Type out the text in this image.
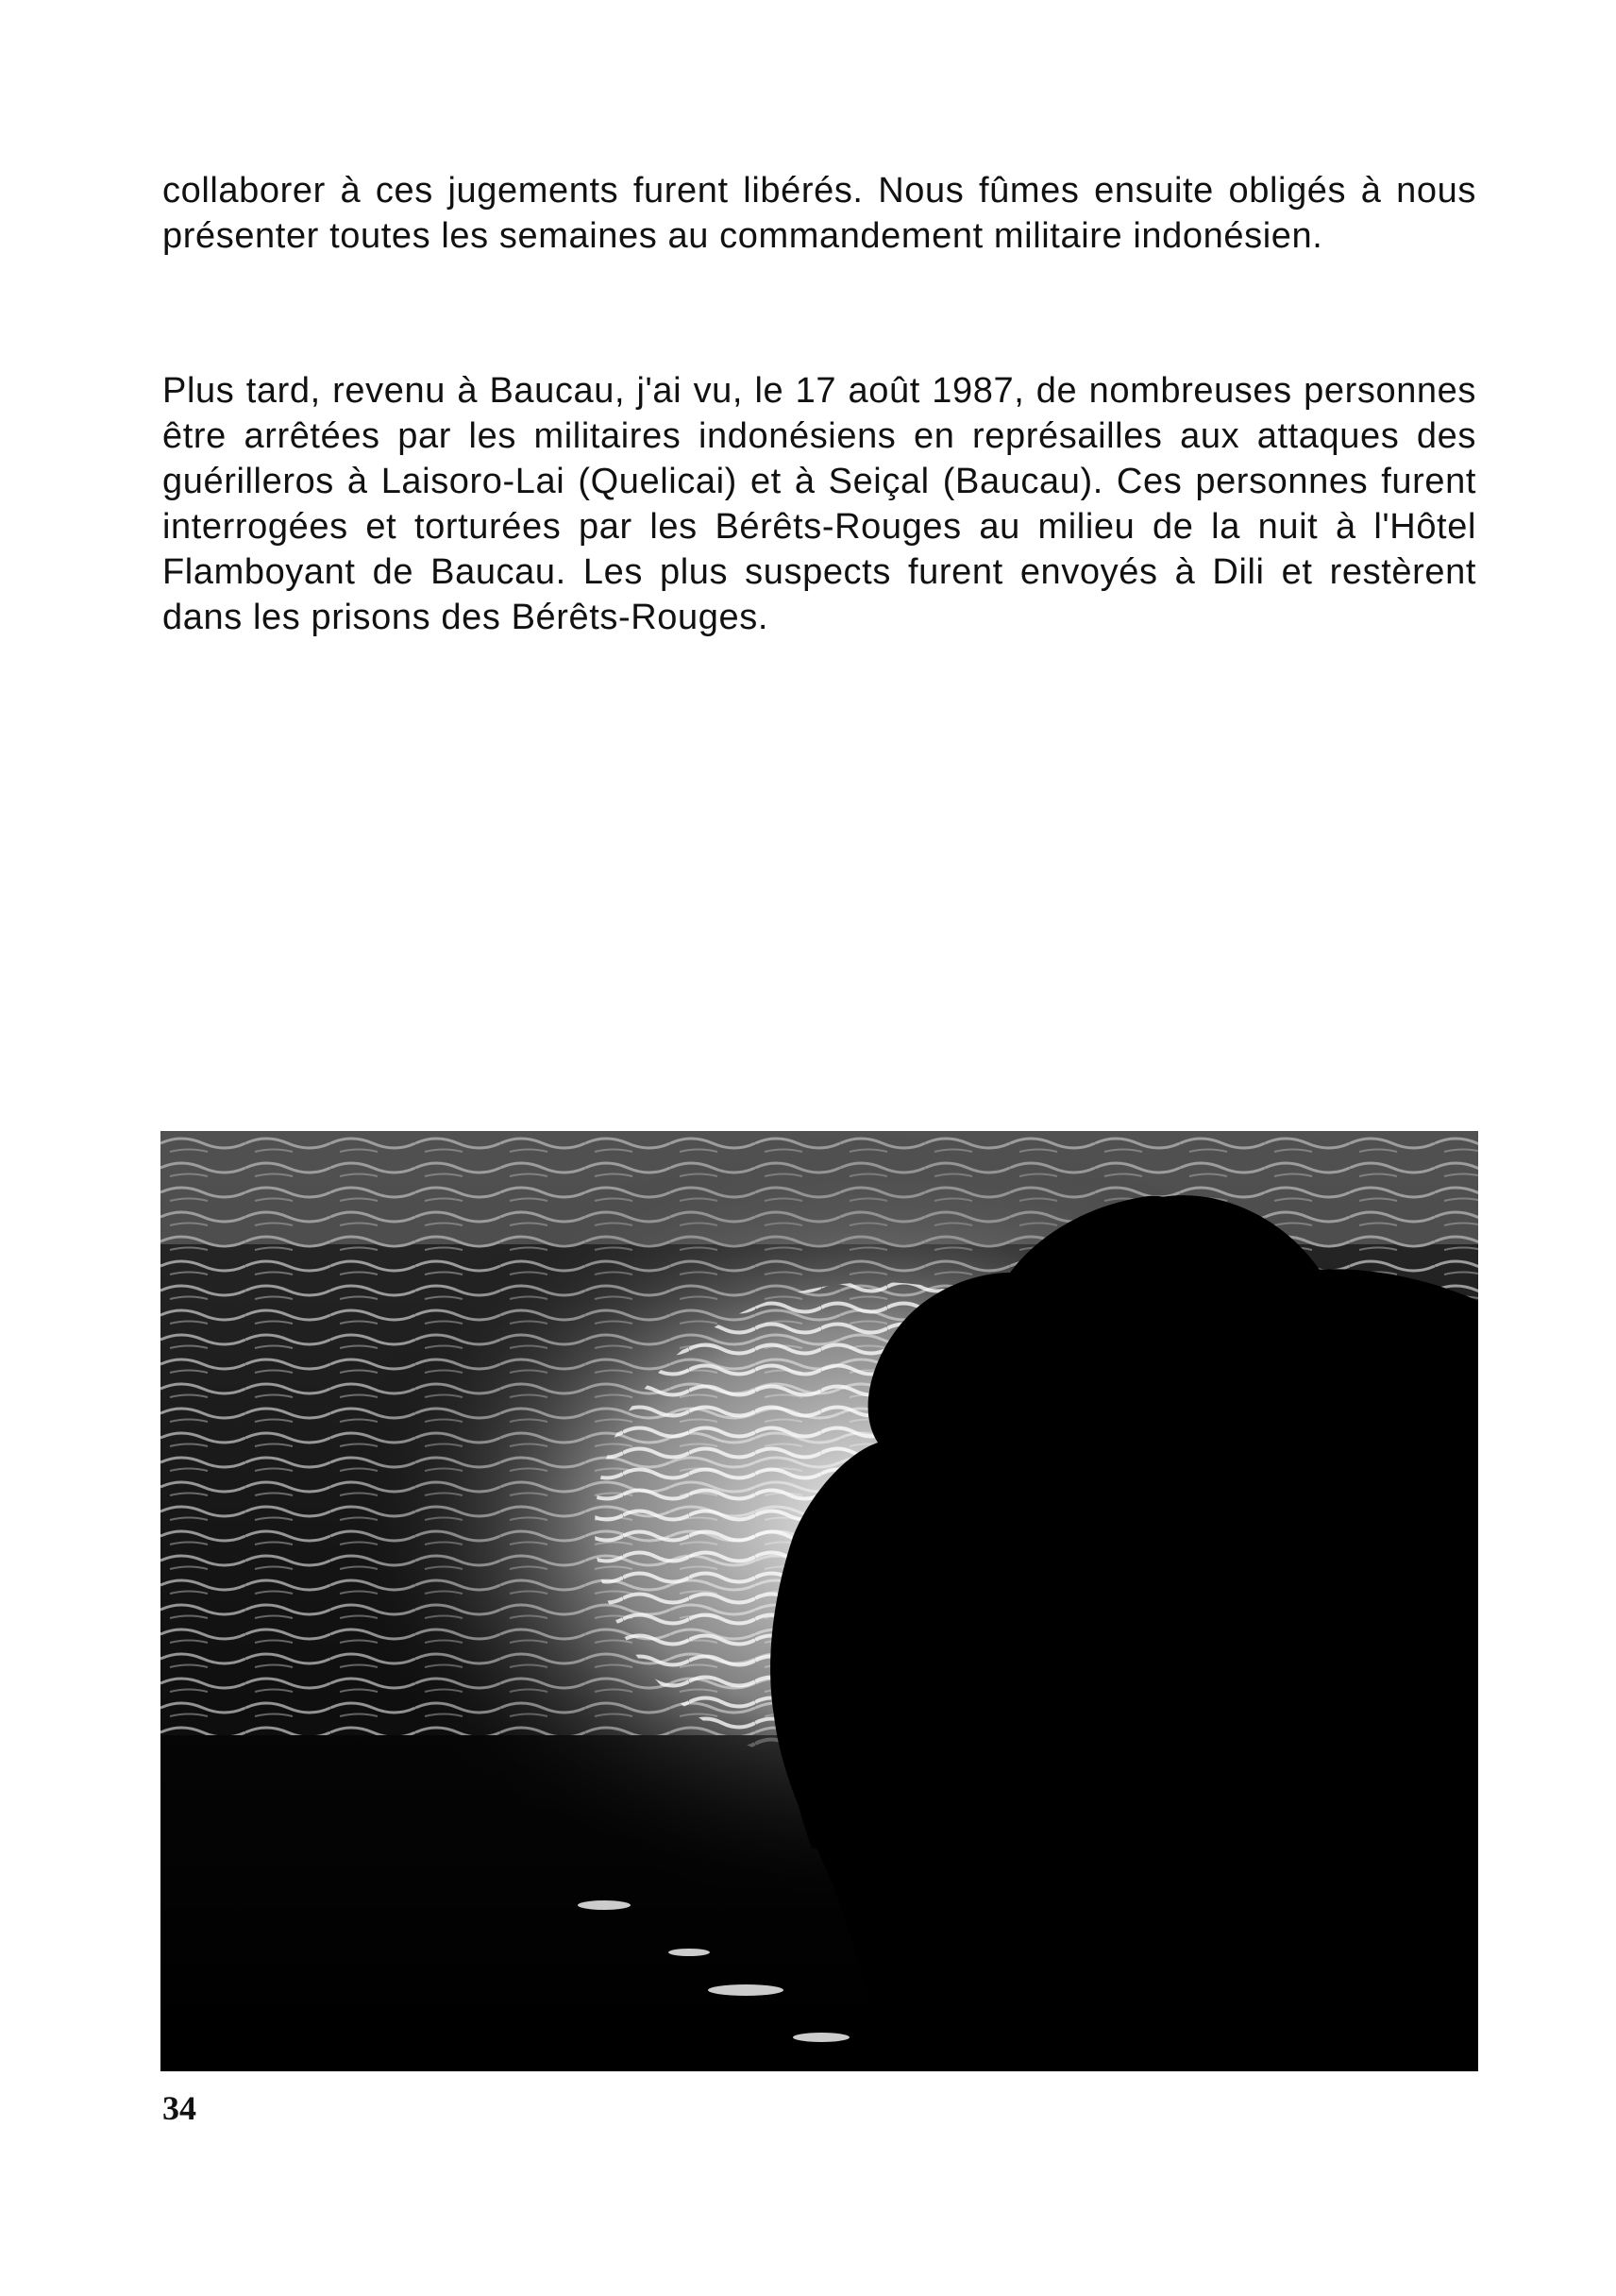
collaborer à ces jugements furent libérés. Nous fûmes ensuite obligés à nous présenter toutes les semaines au commandement militaire indonésien.

Plus tard, revenu à Baucau, j'ai vu, le 17 août 1987, de nombreuses personnes être arrêtées par les militaires indonésiens en représailles aux attaques des guérilleros à Laisoro-Lai (Quelicai) et à Seiçal (Baucau). Ces personnes furent interrogées et torturées par les Bérêts-Rouges au milieu de la nuit à l'Hôtel Flamboyant de Baucau. Les plus suspects furent envoyés à Dili et restèrent dans les prisons des Bérêts-Rouges.

34
